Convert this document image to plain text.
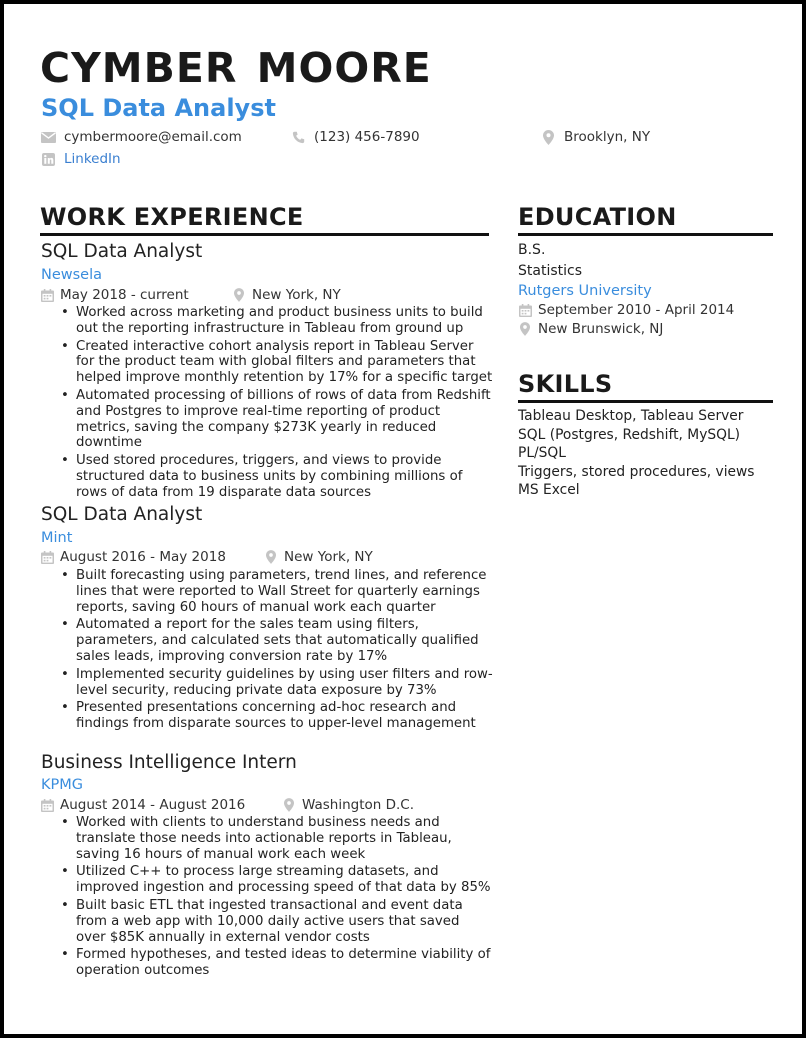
CYMBER MOORE
SQL Data Analyst
cymbermoore@email.com	(123) 456-7890	Brooklyn, NY
LinkedIn
WORK EXPERIENCE
SQL Data Analyst
Newsela
May 2018 - current	New York, NY
• Worked across marketing and product business units to build out the reporting infrastructure in Tableau from ground up
• Created interactive cohort analysis report in Tableau Server for the product team with global filters and parameters that helped improve monthly retention by 17% for a specific target
• Automated processing of billions of rows of data from Redshift and Postgres to improve real-time reporting of product metrics, saving the company $273K yearly in reduced downtime
• Used stored procedures, triggers, and views to provide structured data to business units by combining millions of rows of data from 19 disparate data sources
SQL Data Analyst
Mint
August 2016 - May 2018	New York, NY
• Built forecasting using parameters, trend lines, and reference lines that were reported to Wall Street for quarterly earnings reports, saving 60 hours of manual work each quarter
• Automated a report for the sales team using filters, parameters, and calculated sets that automatically qualified sales leads, improving conversion rate by 17%
• Implemented security guidelines by using user filters and row-level security, reducing private data exposure by 73%
• Presented presentations concerning ad-hoc research and findings from disparate sources to upper-level management
Business Intelligence Intern
KPMG
August 2014 - August 2016	Washington D.C.
• Worked with clients to understand business needs and translate those needs into actionable reports in Tableau, saving 16 hours of manual work each week
• Utilized C++ to process large streaming datasets, and improved ingestion and processing speed of that data by 85%
• Built basic ETL that ingested transactional and event data from a web app with 10,000 daily active users that saved over $85K annually in external vendor costs
• Formed hypotheses, and tested ideas to determine viability of operation outcomes
EDUCATION
B.S.
Statistics
Rutgers University
September 2010 - April 2014
New Brunswick, NJ
SKILLS
Tableau Desktop, Tableau Server
SQL (Postgres, Redshift, MySQL)
PL/SQL
Triggers, stored procedures, views
MS Excel
